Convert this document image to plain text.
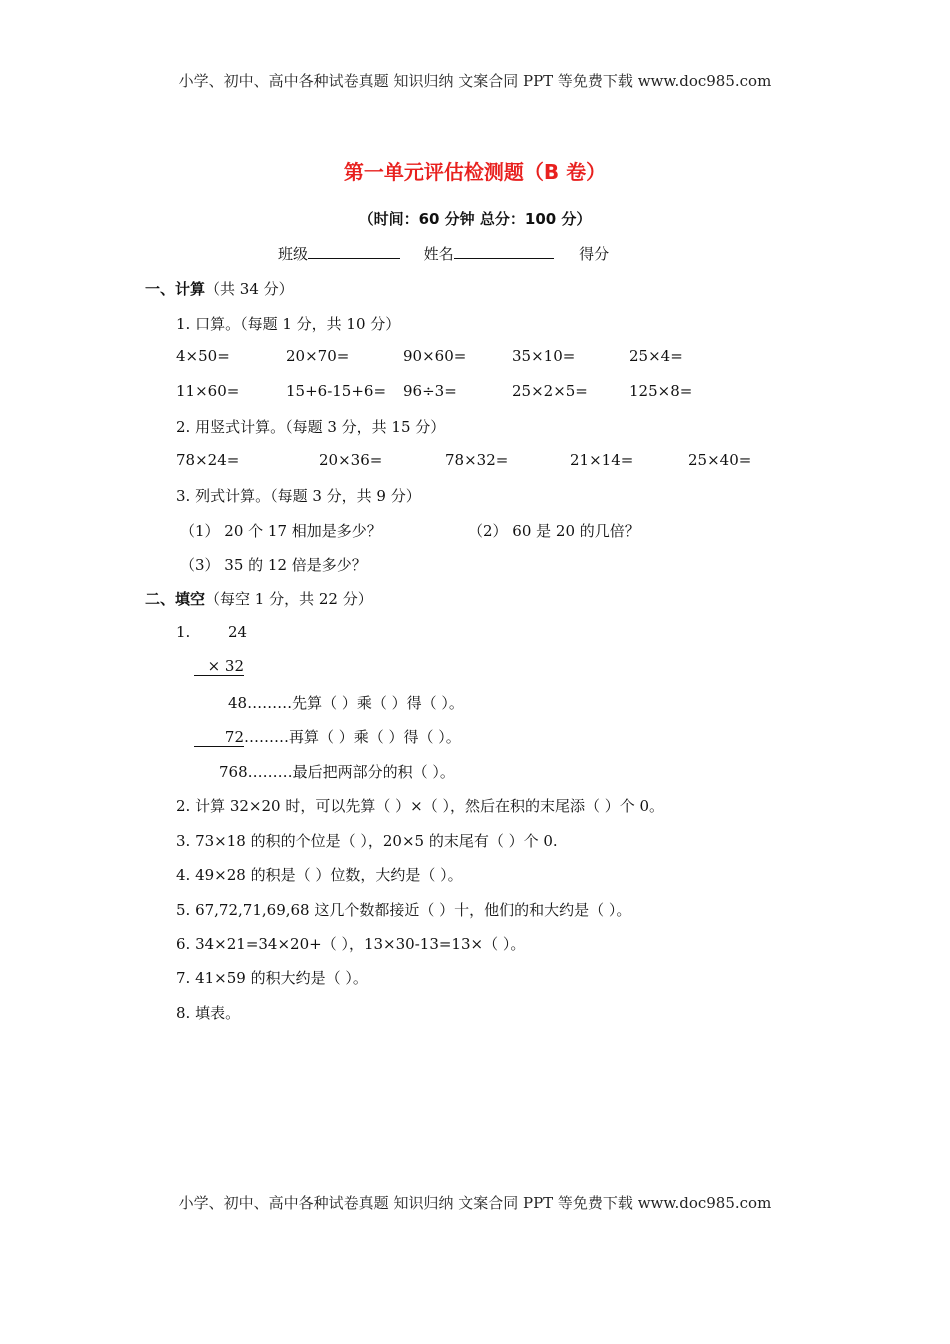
小学、初中、高中各种试卷真题 知识归纳 文案合同 PPT 等免费下载 www.doc985.com
第一单元评估检测题（B 卷）
（时间：60 分钟 总分：100 分）
班级	姓名	得分
一、计算（共 34 分）
1. 口算。（每题 1 分，共 10 分）
4×50=	20×70=	90×60=	35×10=	25×4=
11×60=	15+6-15+6= 96÷3=	25×2×5=	125×8=
2. 用竖式计算。（每题 3 分，共 15 分）
78×24=	20×36=	78×32=	21×14=	25×40=
3. 列式计算。（每题 3 分，共 9 分）
（1） 20 个 17 相加是多少？	（2） 60 是 20 的几倍？
（3） 35 的 12 倍是多少？
二、填空（每空 1 分，共 22 分）
1.	24
× 32
48………先算（ ）乘（ ）得（ ）。
72………再算（ ）乘（ ）得（ ）。
768………最后把两部分的积（ ）。
2. 计算 32×20 时，可以先算（ ）×（ ），然后在积的末尾添（ ）个 0。
3. 73×18 的积的个位是（ ），20×5 的末尾有（ ）个 0.
4. 49×28 的积是（ ）位数，大约是（ ）。
5. 67,72,71,69,68 这几个数都接近（ ）十，他们的和大约是（ ）。
6. 34×21=34×20+（ ），13×30-13=13×（ ）。
7. 41×59 的积大约是（ ）。
8. 填表。
小学、初中、高中各种试卷真题 知识归纳 文案合同 PPT 等免费下载 www.doc985.com
